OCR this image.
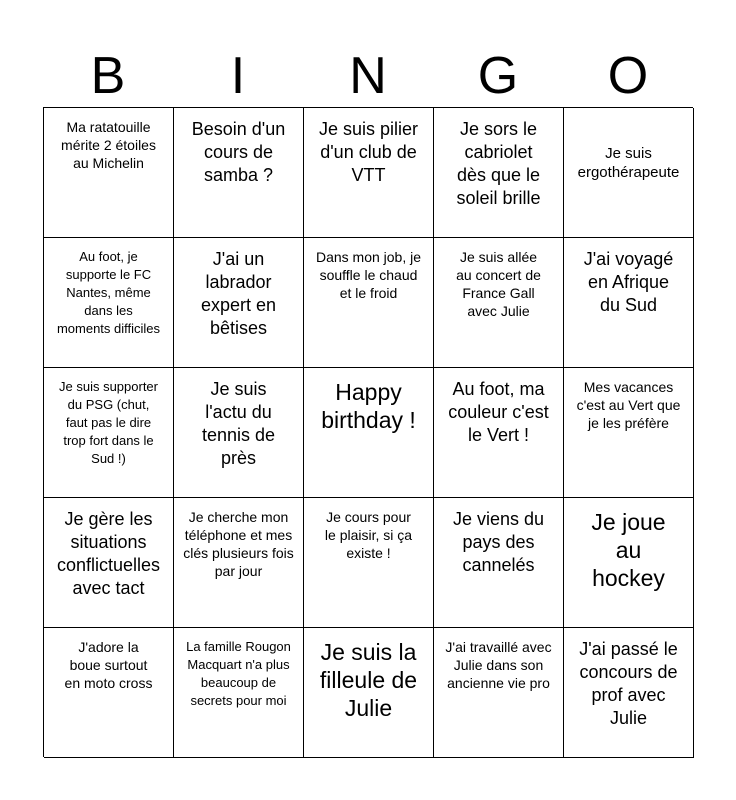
B	I	N	G	O
Ma ratatouille mérite 2 étoiles au Michelin
Besoin d'un cours de samba ?
Je suis pilier d'un club de VTT
Je sors le cabriolet dès que le soleil brille
Je suis ergothérapeute
Au foot, je supporte le FC Nantes, même dans les moments difficiles
J'ai un labrador expert en bêtises
Dans mon job, je souffle le chaud et le froid
Je suis allée au concert de France Gall avec Julie
J'ai voyagé en Afrique du Sud
Je suis supporter du PSG (chut, faut pas le dire trop fort dans le Sud !)
Je suis l'actu du tennis de près
Happy birthday !
Au foot, ma couleur c'est le Vert !
Mes vacances c'est au Vert que je les préfère
Je gère les situations conflictuelles avec tact
Je cherche mon téléphone et mes clés plusieurs fois par jour
Je cours pour le plaisir, si ça existe !
Je viens du pays des cannelés
Je joue au hockey
J'adore la boue surtout en moto cross
La famille Rougon Macquart n'a plus beaucoup de secrets pour moi
Je suis la filleule de Julie
J'ai travaillé avec Julie dans son ancienne vie pro
J'ai passé le concours de prof avec Julie
